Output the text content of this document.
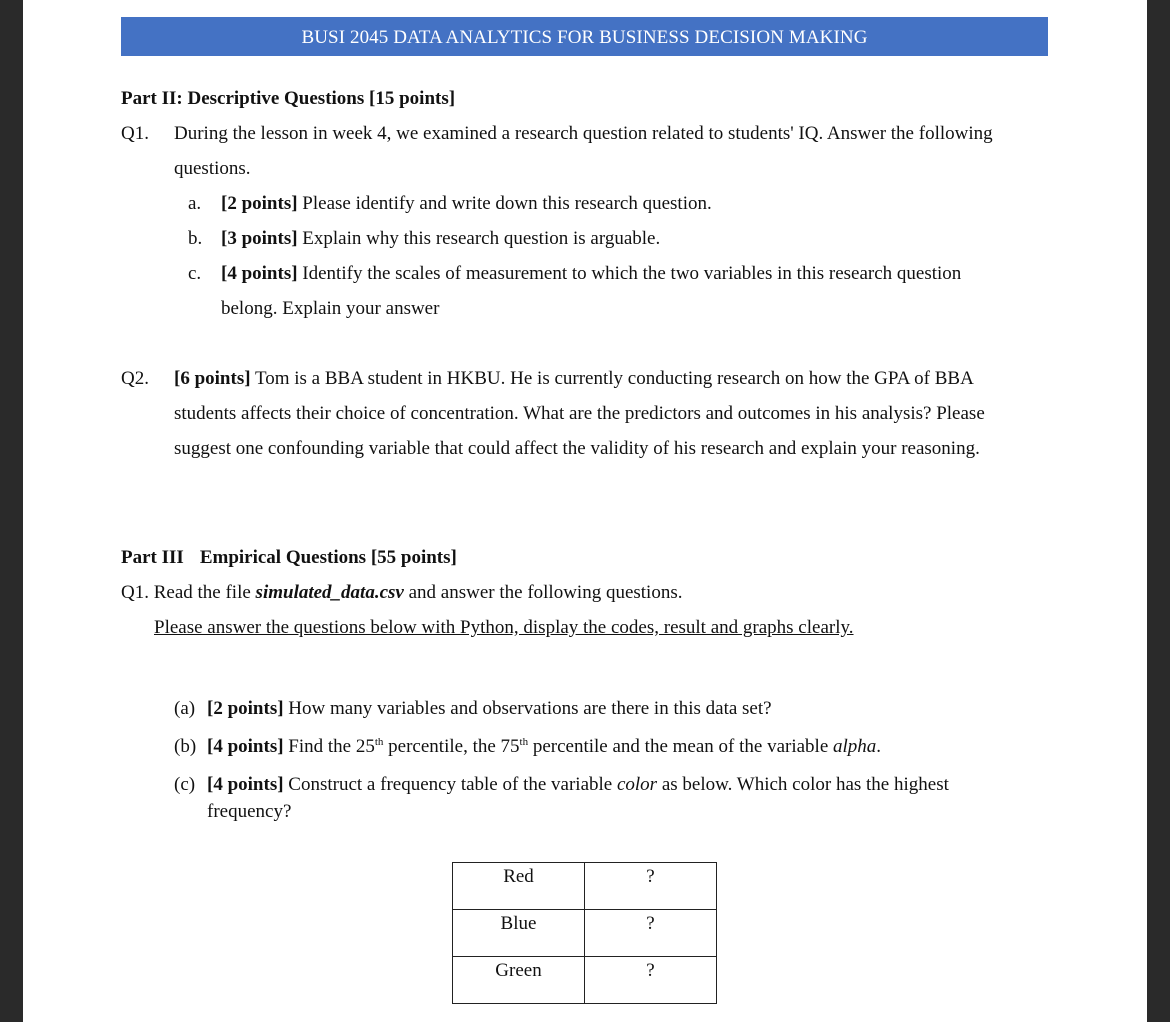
BUSI 2045 DATA ANALYTICS FOR BUSINESS DECISION MAKING
Part II: Descriptive Questions [15 points]
Q1. During the lesson in week 4, we examined a research question related to students' IQ. Answer the following
questions.
a. [2 points] Please identify and write down this research question.
b. [3 points] Explain why this research question is arguable.
c. [4 points] Identify the scales of measurement to which the two variables in this research question
belong. Explain your answer
Q2. [6 points] Tom is a BBA student in HKBU. He is currently conducting research on how the GPA of BBA
students affects their choice of concentration. What are the predictors and outcomes in his analysis? Please
suggest one confounding variable that could affect the validity of his research and explain your reasoning.
Part III Empirical Questions [55 points]
Q1. Read the file simulated_data.csv and answer the following questions.
Please answer the questions below with Python, display the codes, result and graphs clearly.
(a) [2 points] How many variables and observations are there in this data set?
(b) [4 points] Find the 25th percentile, the 75th percentile and the mean of the variable alpha.
(c) [4 points] Construct a frequency table of the variable color as below. Which color has the highest
frequency?
Red	?
Blue	?
Green	?
